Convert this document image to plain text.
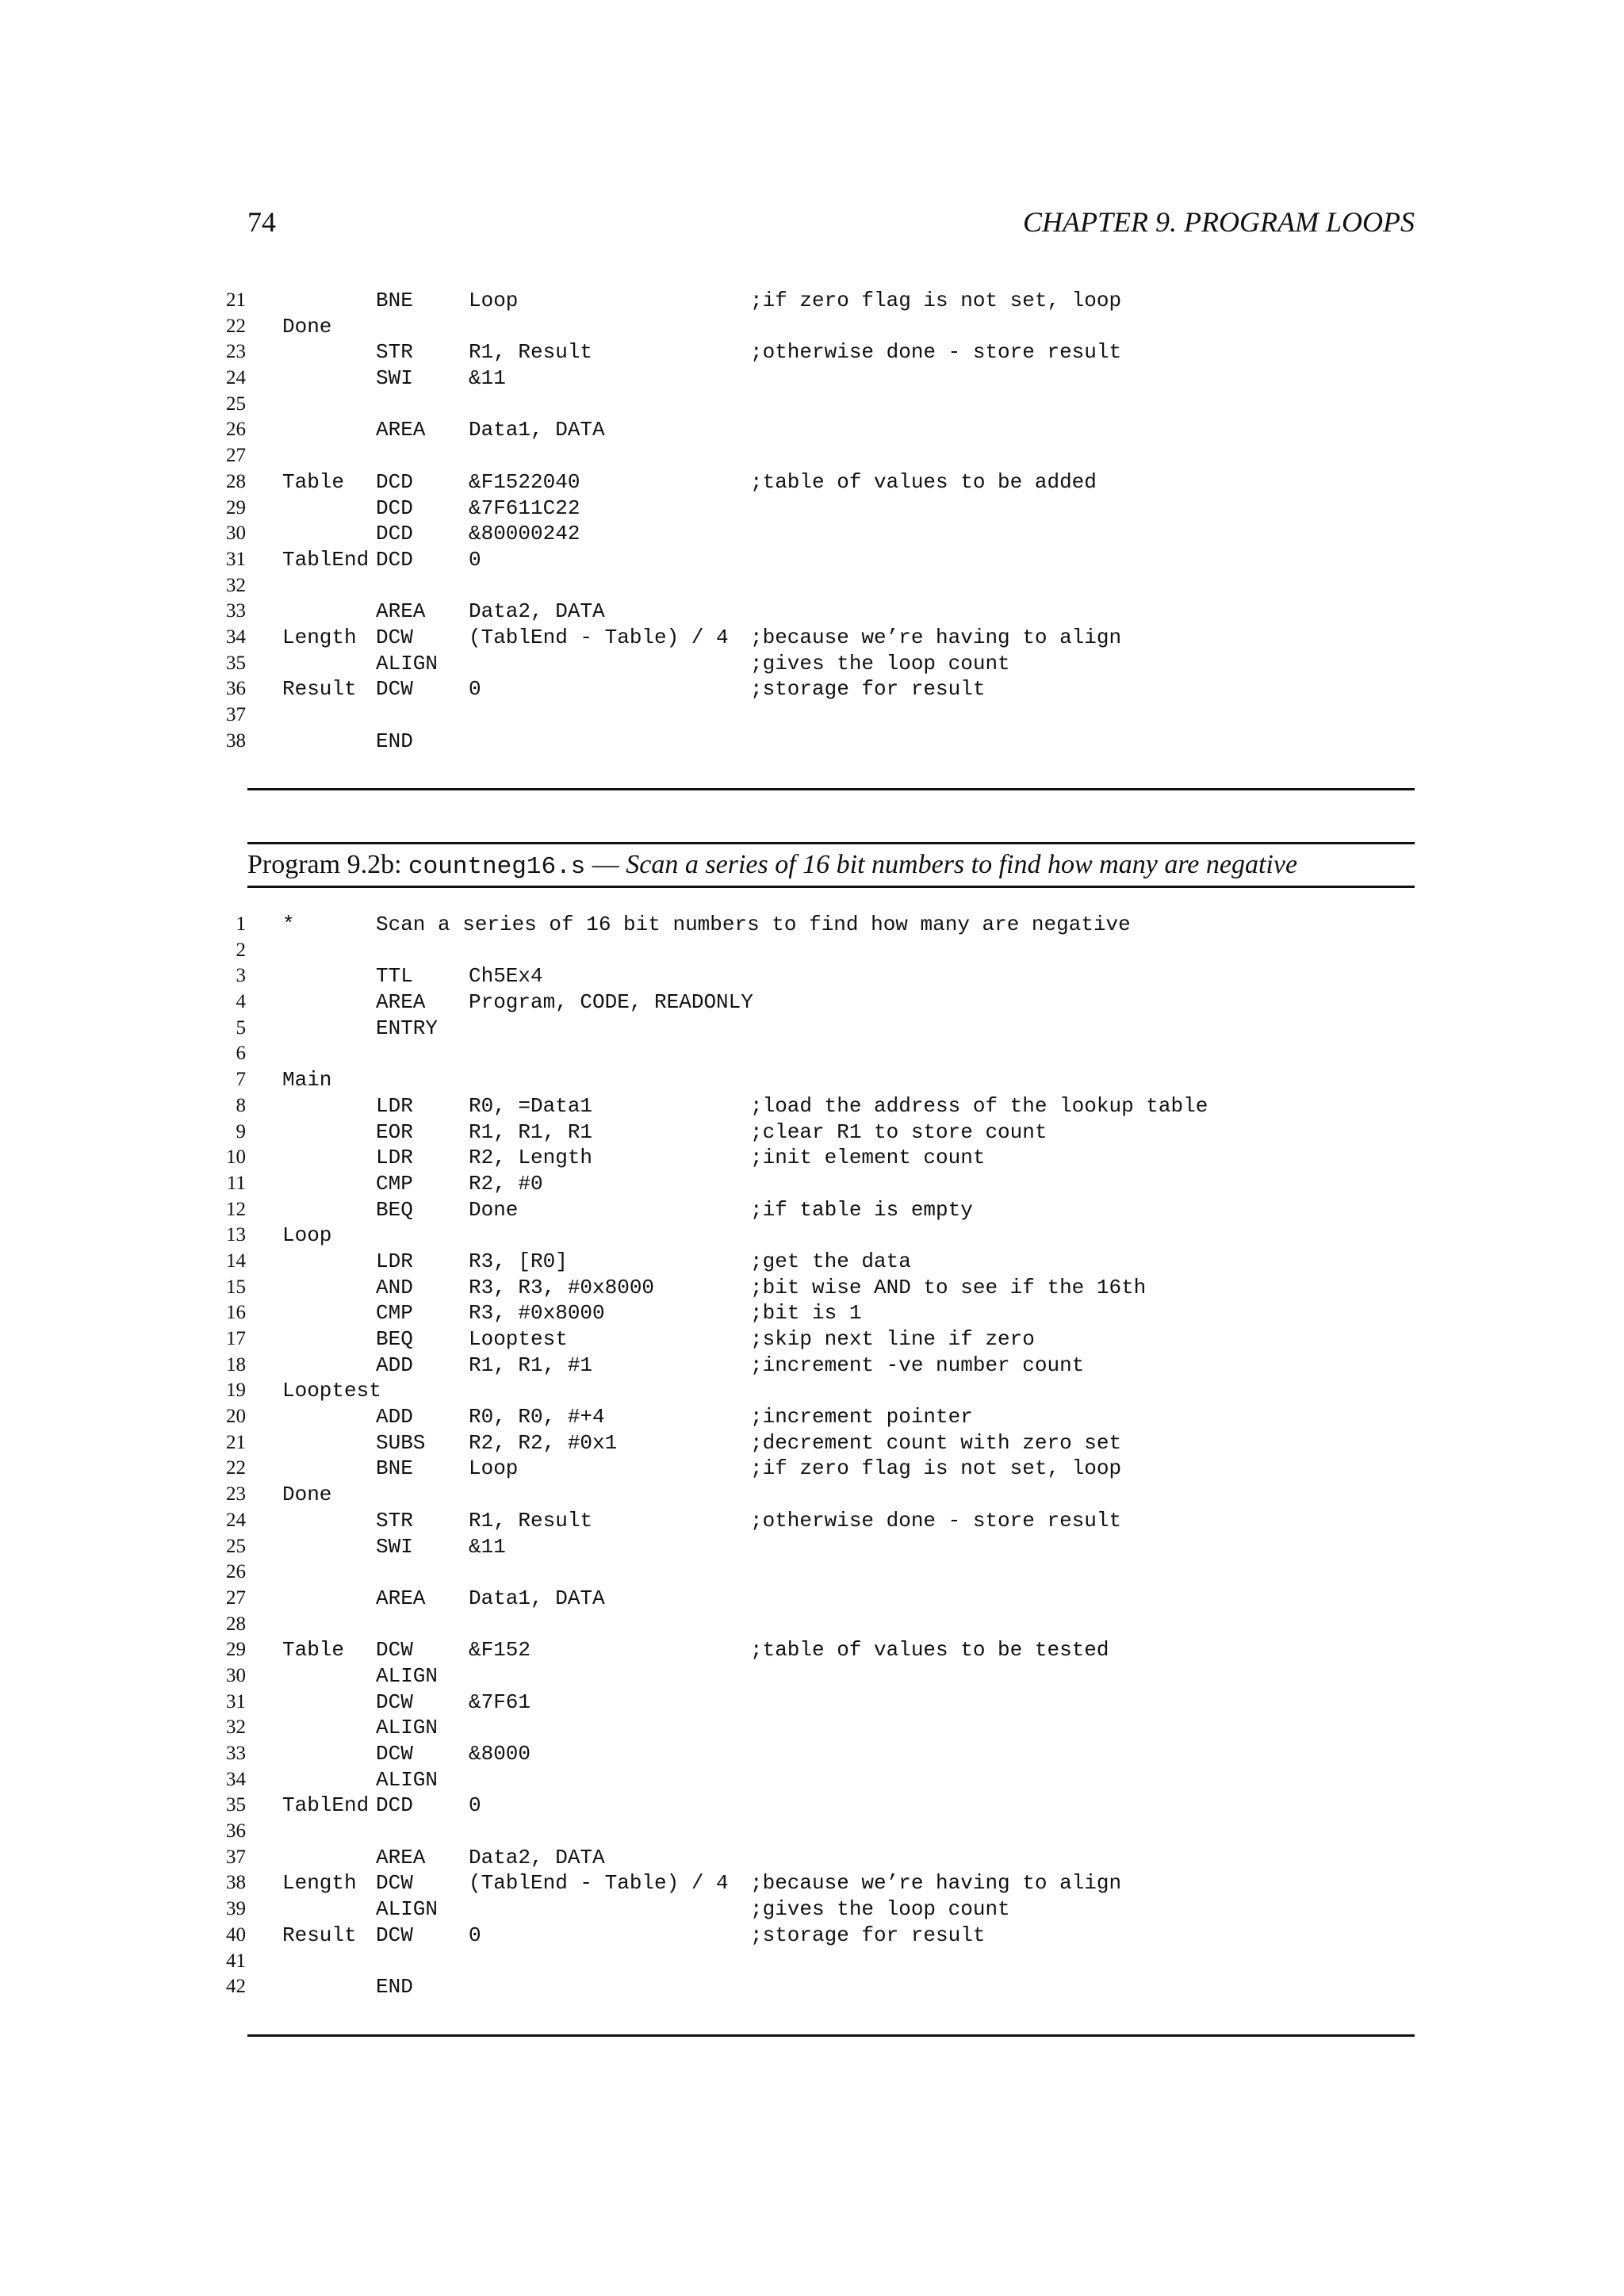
74	CHAPTER 9. PROGRAM LOOPS
21	BNE	Loop	;if zero flag is not set, loop
22 Done
23	STR	R1, Result	;otherwise done - store result
24	SWI	&11
25
26	AREA Data1, DATA
27
28 Table DCD	&F1522040	;table of values to be added
29	DCD	&7F611C22
30	DCD	&80000242
31 TablEnd DCD	0
32
33	AREA Data2, DATA
34 Length DCW	(TablEnd - Table) / 4 ;because we’re having to align
35	ALIGN	;gives the loop count
36 Result DCW	0	;storage for result
37
38	END
Program 9.2b: countneg16.s — Scan a series of 16 bit numbers to find how many are negative
1 *	Scan a series of 16 bit numbers to find how many are negative
2
3	TTL	Ch5Ex4
4	AREA Program, CODE, READONLY
5	ENTRY
6
7 Main
8	LDR	R0, =Data1	;load the address of the lookup table
9	EOR	R1, R1, R1	;clear R1 to store count
10	LDR	R2, Length	;init element count
11	CMP	R2, #0
12	BEQ	Done	;if table is empty
13 Loop
14	LDR	R3, [R0]	;get the data
15	AND	R3, R3, #0x8000	;bit wise AND to see if the 16th
16	CMP	R3, #0x8000	;bit is 1
17	BEQ	Looptest	;skip next line if zero
18	ADD	R1, R1, #1	;increment -ve number count
19 Looptest
20	ADD	R0, R0, #+4	;increment pointer
21	SUBS R2, R2, #0x1	;decrement count with zero set
22	BNE	Loop	;if zero flag is not set, loop
23 Done
24	STR	R1, Result	;otherwise done - store result
25	SWI	&11
26
27	AREA Data1, DATA
28
29 Table DCW	&F152	;table of values to be tested
30	ALIGN
31	DCW	&7F61
32	ALIGN
33	DCW	&8000
34	ALIGN
35 TablEnd DCD	0
36
37	AREA Data2, DATA
38 Length DCW	(TablEnd - Table) / 4 ;because we’re having to align
39	ALIGN	;gives the loop count
40 Result DCW	0	;storage for result
41
42	END
